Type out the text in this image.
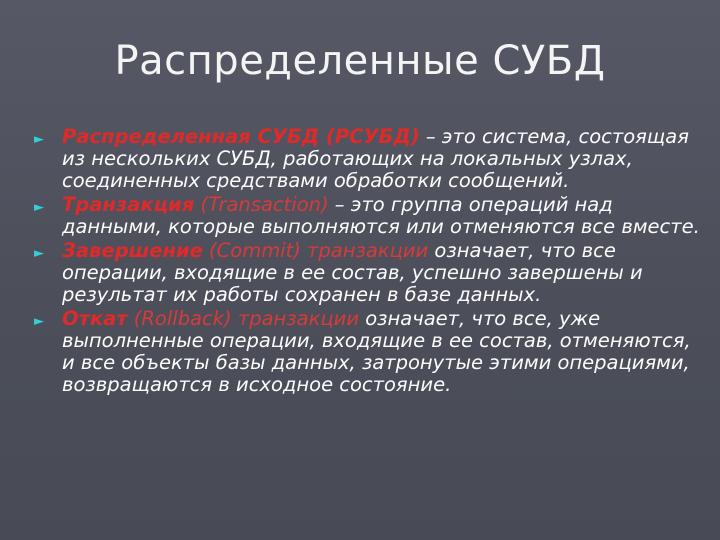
Распределенные СУБД
► Распределенная СУБД (РСУБД) – это система, состоящая из нескольких СУБД, работающих на локальных узлах, соединенных средствами обработки сообщений.
► Транзакция (Transaction) – это группа операций над данными, которые выполняются или отменяются все вместе.
► Завершение (Commit) транзакции означает, что все операции, входящие в ее состав, успешно завершены и результат их работы сохранен в базе данных.
► Откат (Rollback) транзакции означает, что все, уже выполненные операции, входящие в ее состав, отменяются, и все объекты базы данных, затронутые этими операциями, возвращаются в исходное состояние.
